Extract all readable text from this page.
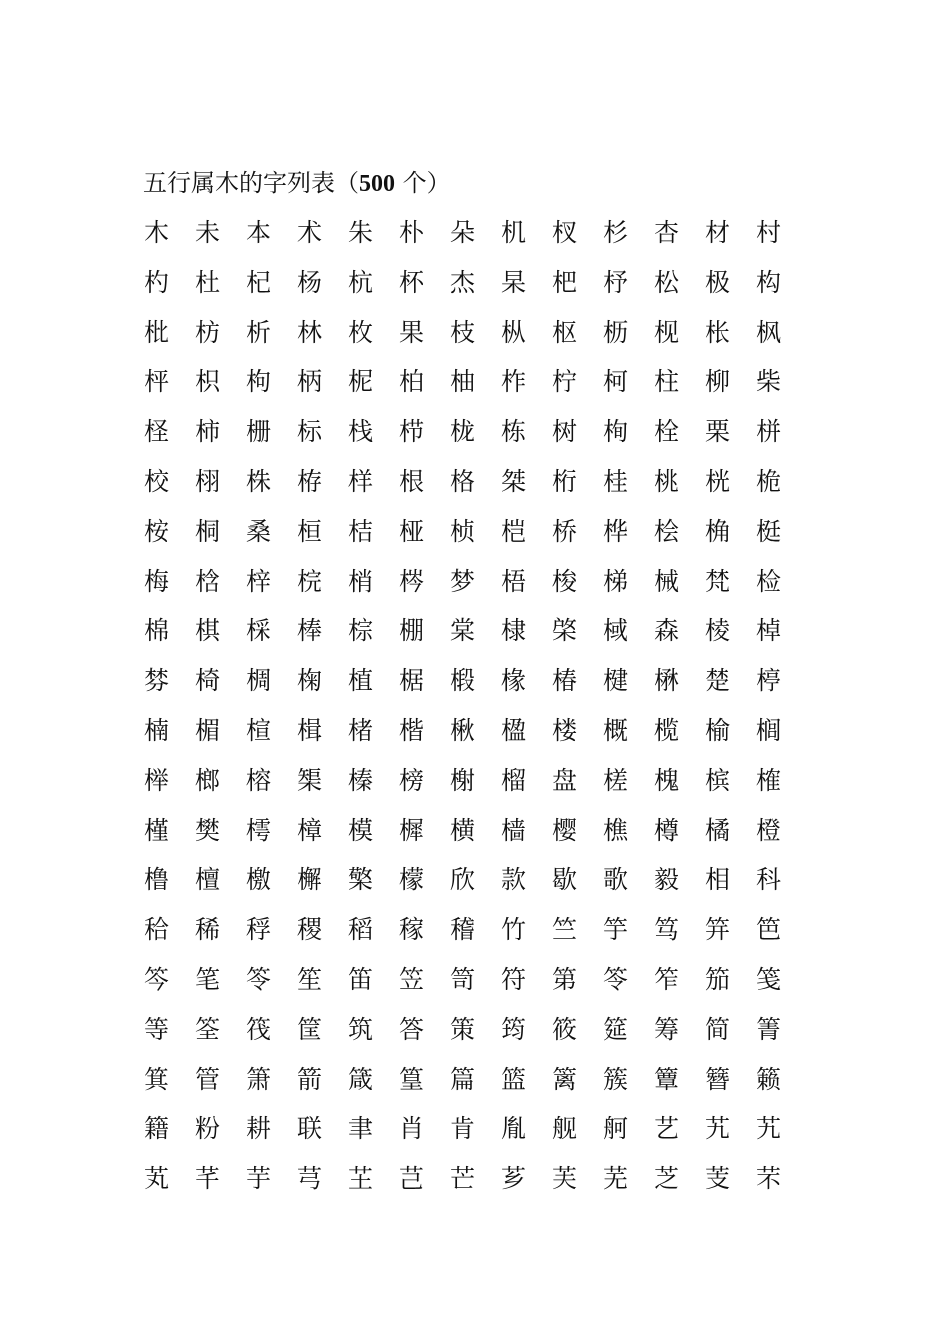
五行属木的字列表（500 个）
木	未	本	术	朱	朴	朵	机	杈	杉	杏	材	村
杓	杜	杞	杨	杭	杯	杰	杲	杷	杼	松	极	构
枇	枋	析	林	枚	果	枝	枞	枢	枥	枧	枨	枫
枰	枳	枸	柄	柅	柏	柚	柞	柠	柯	柱	柳	柴
柽	柿	栅	标	栈	栉	栊	栋	树	栒	栓	栗	栟
校	栩	株	栫	样	根	格	桀	桁	桂	桃	桄	桅
桉	桐	桑	桓	桔	桠	桢	桤	桥	桦	桧	桷	梃
梅	梒	梓	梡	梢	梣	梦	梧	梭	梯	械	梵	检
棉	棋	棌	棒	棕	棚	棠	棣	棨	棫	森	棱	棹
棼	椅	椆	椈	植	椐	椴	椽	椿	楗	楙	楚	楟
楠	楣	楦	楫	楮	楷	楸	楹	楼	概	榄	榆	榈
榉	榔	榕	榘	榛	榜	榭	榴	盘	槎	槐	槟	榷
槿	樊	樗	樟	模	樨	横	樯	樱	樵	樽	橘	橙
橹	檀	檄	檞	檠	檬	欣	款	歇	歌	毅	相	科
秴	稀	稃	稷	稻	稼	稽	竹	竺	竽	笃	笄	笆
笒	笔	笭	笙	笛	笠	笥	符	第	笭	笮	笳	笺
等	筌	筏	筐	筑	答	策	筠	筱	筵	筹	简	箐
箕	管	箫	箭	箴	篁	篇	篮	篱	簇	簟	簪	籁
籍	粉	耕	联	聿	肖	肯	胤	舰	舸	艺	艽	艽
芄	芊	芋	芎	芏	芑	芒	芗	芙	芜	芝	芰	芣
